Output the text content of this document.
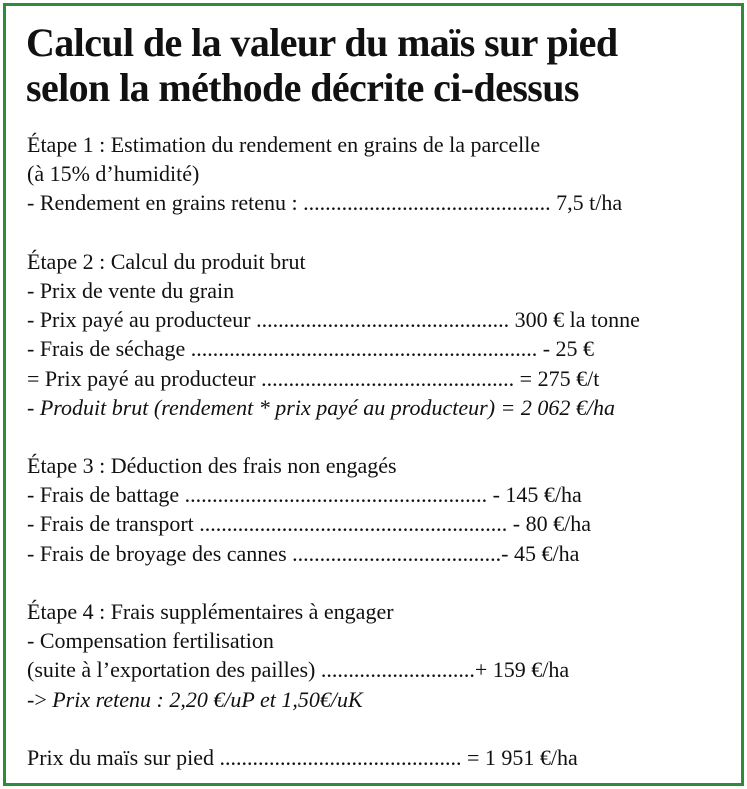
Calcul de la valeur du maïs sur pied
selon la méthode décrite ci-dessus
Étape 1 : Estimation du rendement en grains de la parcelle
(à 15% d’humidité)
- Rendement en grains retenu : ............................................. 7,5 t/ha
Étape 2 : Calcul du produit brut
- Prix de vente du grain
- Prix payé au producteur .............................................. 300 € la tonne
- Frais de séchage ............................................................... - 25 €
= Prix payé au producteur .............................................. = 275 €/t
- Produit brut (rendement * prix payé au producteur) = 2 062 €/ha
Étape 3 : Déduction des frais non engagés
- Frais de battage ....................................................... - 145 €/ha
- Frais de transport ........................................................ - 80 €/ha
- Frais de broyage des cannes ......................................- 45 €/ha
Étape 4 : Frais supplémentaires à engager
- Compensation fertilisation
(suite à l’exportation des pailles) ............................+ 159 €/ha
-> Prix retenu : 2,20 €/uP et 1,50€/uK
Prix du maïs sur pied ............................................ = 1 951 €/ha
